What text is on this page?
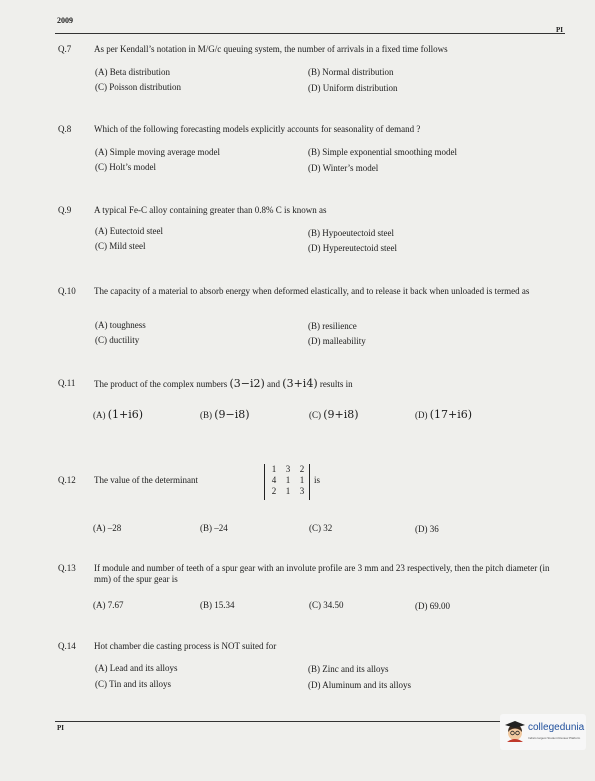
2009
PI
Q.7	As per Kendall’s notation in M/G/c queuing system, the number of arrivals in a fixed time follows
(A) Beta distribution	(B) Normal distribution
(C) Poisson distribution	(D) Uniform distribution
Q.8	Which of the following forecasting models explicitly accounts for seasonality of demand ?
(A) Simple moving average model	(B) Simple exponential smoothing model
(C) Holt’s model	(D) Winter’s model
Q.9	A typical Fe-C alloy containing greater than 0.8% C is known as
(A) Eutectoid steel	(B) Hypoeutectoid steel
(C) Mild steel	(D) Hypereutectoid steel
Q.10	The capacity of a material to absorb energy when deformed elastically, and to release it back when unloaded is termed as
(A) toughness	(B) resilience
(C) ductility	(D) malleability
Q.11	The product of the complex numbers (3−i2) and (3+i4) results in
(A) (1+i6)	(B) (9−i8)	(C) (9+i8)	(D) (17+i6)
Q.12	The value of the determinant
1	3	2
4	1	1
2	1	3
is
(A) –28	(B) –24	(C) 32	(D) 36
Q.13	If module and number of teeth of a spur gear with an involute profile are 3 mm and 23 respectively, then the pitch diameter (in mm) of the spur gear is
(A) 7.67	(B) 15.34	(C) 34.50	(D) 69.00
Q.14	Hot chamber die casting process is NOT suited for
(A) Lead and its alloys	(B) Zinc and its alloys
(C) Tin and its alloys	(D) Aluminum and its alloys
PI	collegedunia
India's largest Student Review Platform
